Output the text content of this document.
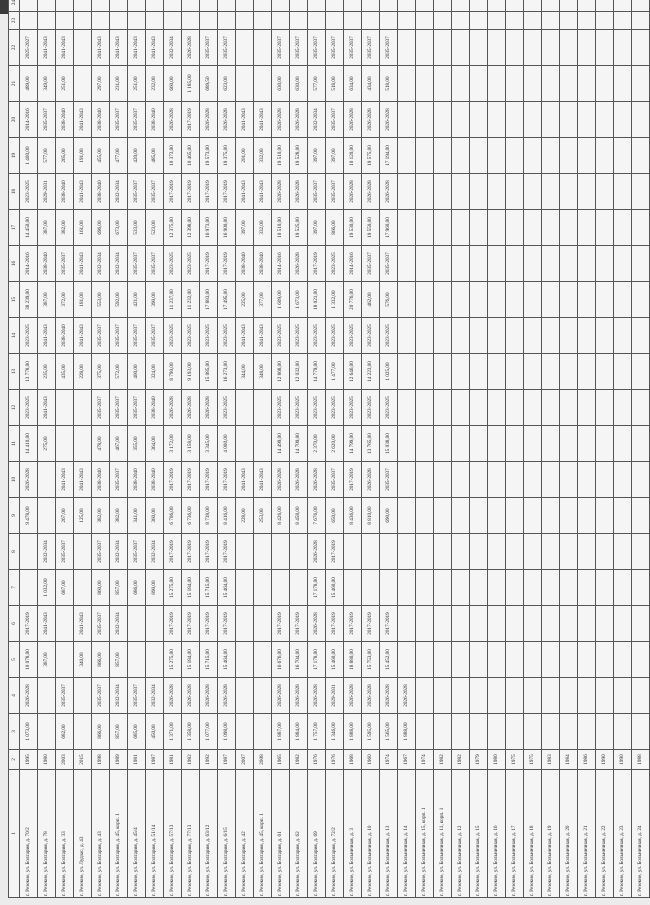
1	2	3	4	5	6	7	8	9	10	11	12	13	14	15	16	17	18	19	20	21	22	23	24		
г. Резекне, ул. Болгария, д. 70/2	1995	1 073,00	2026-2028	10 078,00	2017-2019			9 478,00	2026-2028	14 410,00	2023-2025	13 778,00	2023-2025	38 239,00	2014-2016	14 450,00	2023-2025	1 400,00	2014-2016	489,00	2025-2027				
г. Резекне, ул. Болгария, д. 78	1980			387,00	2041-2043	1 032,00	2032-2034			275,00	2041-2043	235,00	2041-2043	387,00	2038-2040	387,00	2029-2031	577,00	2035-2037	349,00	2041-2043				
г. Резекне, ул. Болгария, д. 33	2003	682,00	2035-2037			687,00	2035-2037	267,00	2041-2043			435,00	2038-2040	372,00	2035-2037	382,00	2038-2040	265,00	2038-2040	251,00	2041-2043				
г. Резекне, ул. Лудзас, д. 43	2015			340,00	2041-2043			125,00	2041-2043			228,00	2041-2043	181,00	2041-2043	161,00	2041-2043	191,00	2041-2043						
г. Резекне, ул. Болгария, д. 43	1998	866,00	2035-2037	866,00	2035-2037	860,00	2035-2037	382,00	2038-2040	478,00	2035-2037	375,00	2035-2037	553,00	2032-2034	696,00	2038-2040	455,00	2038-2040	297,00	2041-2043				
г. Резекне, ул. Болгария, д. 45, корп. 1	1989	857,00	2032-2034	857,00	2032-2034	857,00	2032-2034	382,00	2035-2037	467,00	2035-2037	572,00	2035-2037	592,00	2032-2034	673,00	2032-2034	477,00	2035-2037	231,00	2041-2043				
г. Резекне, ул. Болгария, д. 45/4	1981	685,00	2035-2037			686,00	2035-2037	341,00	2038-2040	355,00	2035-2037	400,00	2035-2037	421,00	2035-2037	533,00	2035-2037	420,00	2035-2037	251,00	2041-2043				
г. Резекне, ул. Болгария, д. 51/14	1987	450,00	2032-2034			890,00	2032-2034	360,00	2038-2040	364,00	2038-2040	324,00	2035-2037	390,00	2035-2037	523,00	2035-2037	485,00	2038-2040	232,00	2041-2043				
г. Резекне, ул. Болгария, д. 57/13	1981	1 371,00	2026-2028	15 275,00	2017-2019	15 275,00	2017-2019	6 706,00	2017-2019	3 172,00	2026-2028	8 790,00	2023-2025	11 237,00	2023-2025	12 375,00	2017-2019	10 373,00	2026-2028	660,00	2032-2034				
г. Резекне, ул. Болгария, д. 77/13	1982	1 358,00	2026-2028	15 184,00	2017-2019	15 184,00	2017-2019	6 736,00	2017-2019	3 158,00	2026-2028	9 193,00	2023-2025	11 232,00	2023-2025	12 398,00	2017-2019	10 465,00	2017-2019	1 185,00	2026-2028				
г. Резекне, ул. Болгария, д. 63/12	1992	1 077,00	2026-2028	15 715,00	2017-2019	15 715,00	2017-2019	8 738,00	2017-2019	3 345,00	2026-2028	15 085,00	2023-2025	17 883,00	2017-2019	16 973,00	2017-2019	19 573,00	2026-2028	689,50	2035-2037				
г. Резекне, ул. Болгария, д. 6/15	1987	1 098,00	2026-2028	15 464,00	2017-2019	15 464,00	2017-2019	8 416,00	2017-2019	4 000,00	2023-2025	16 273,00	2023-2025	17 495,00	2017-2019	16 900,00	2017-2019	19 375,00	2026-2028	623,00	2035-2037				
г. Резекне, ул. Болгария, д. 42	2007							228,00	2041-2043			344,00	2041-2043	225,00	2038-2040	397,00	2041-2043	201,00	2041-2043						
г. Резекне, ул. Болгария, д. 45, корп. 1	2008							253,00	2041-2043			348,00	2041-2043	377,00	2038-2040	332,00	2041-2043	332,00	2041-2043						
г. Резекне, ул. Болгария, д. 61	1965	1 887,00	2026-2028	16 676,00	2017-2019			8 426,00	2026-2028	14 499,00	2023-2025	12 868,00	2023-2025	1 609,00	2014-2016	10 510,00	2026-2028	19 510,00	2026-2028	630,00	2035-2037				
г. Резекне, ул. Болгария, д. 62	1982	1 884,00	2026-2028	16 704,00	2017-2019			8 458,00	2026-2028	14 709,00	2023-2025	12 032,00	2023-2025	1 673,00	2026-2028	19 525,00	2026-2028	19 528,00	2026-2028	630,00	2035-2037				
г. Резекне, ул. Болгария, д. 69	1976	1 757,00	2026-2028	17 178,00	2026-2028	17 178,00	2026-2028	7 676,00	2026-2028	2 370,00	2023-2025	14 779,00	2023-2025	18 021,00	2017-2019	397,00	2035-2037	397,00	2032-2034	577,00	2035-2037				
г. Резекне, ул. Болгария, д. 72/2	1976	1 346,00	2029-2031	15 460,00	2017-2019	15 460,00	2017-2019	650,00	2035-2037	2 620,00	2023-2025	1 477,00	2023-2025	1 332,00	2023-2025	866,00	2035-2037	397,00	2035-2037	518,00	2035-2037				
г. Резекне, ул. Больничная, д. 3	1968	1 888,00	2026-2028	18 880,00	2017-2019			8 436,00	2017-2019	14 799,00	2023-2025	12 646,00	2023-2025	20 776,00	2014-2016	19 530,00	2026-2028	10 120,00	2026-2028	634,00	2035-2037				
г. Резекне, ул. Больничная, д. 10	1960	1 595,00	2026-2028	15 753,00	2017-2019			8 810,00	2026-2028	13 765,00	2023-2025	14 223,00	2023-2025	462,00	2035-2037	19 550,00	2026-2028	19 575,00	2026-2028	434,00	2035-2037				
г. Резекне, ул. Больничная, д. 13	1974	1 565,00	2026-2028	15 452,00	2017-2019			690,00	2035-2037	15 038,00	2023-2025	1 025,00	2023-2025	576,00	2035-2037	17 960,00	2026-2028	17 194,00	2026-2028	518,00	2035-2037				
г. Резекне, ул. Больничная, д. 14	1967	1 888,00	2026-2028																						
г. Резекне, ул. Больничная, д. 15, корп. 1	1974																								
г. Резекне, ул. Больничная, д. 11, корп. 1	1982																								
г. Резекне, ул. Больничная, д. 12	1982																								
г. Резекне, ул. Больничная, д. 15	1979																								
г. Резекне, ул. Больничная, д. 16	1980																								
г. Резекне, ул. Больничная, д. 17	1975																								
г. Резекне, ул. Больничная, д. 18	1975																								
г. Резекне, ул. Больничная, д. 19	1983																								
г. Резекне, ул. Больничная, д. 20	1984																								
г. Резекне, ул. Больничная, д. 21	1986																								
г. Резекне, ул. Больничная, д. 22	1990																								
г. Резекне, ул. Больничная, д. 23	1990																								
г. Резекне, ул. Больничная, д. 24	1988																								
